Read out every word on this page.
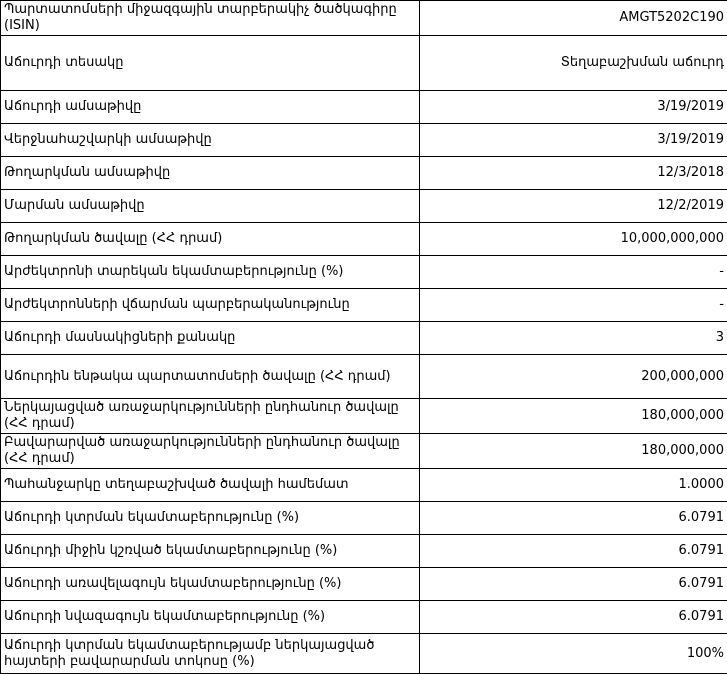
Պարտատոմսերի միջազգային տարբերակիչ ծածկագիրը (ISIN)	AMGT5202C190
Աճուրդի տեսակը	Տեղաբաշխման աճուրդ
Աճուրդի ամսաթիվը	3/19/2019
Վերջնահաշվարկի ամսաթիվը	3/19/2019
Թողարկման ամսաթիվը	12/3/2018
Մարման ամսաթիվը	12/2/2019
Թողարկման ծավալը (ՀՀ դրամ)	10,000,000,000
Արժեկտրոնի տարեկան եկամտաբերությունը (%)	-
Արժեկտրոնների վճարման պարբերականությունը	-
Աճուրդի մասնակիցների քանակը	3
Աճուրդին ենթակա պարտատոմսերի ծավալը (ՀՀ դրամ)	200,000,000
Ներկայացված առաջարկությունների ընդհանուր ծավալը (ՀՀ դրամ)	180,000,000
Բավարարված առաջարկությունների ընդհանուր ծավալը (ՀՀ դրամ)	180,000,000
Պահանջարկը տեղաբաշխված ծավալի համեմատ	1.0000
Աճուրդի կտրման եկամտաբերությունը (%)	6.0791
Աճուրդի միջին կշռված եկամտաբերությունը (%)	6.0791
Աճուրդի առավելագույն եկամտաբերությունը (%)	6.0791
Աճուրդի նվազագույն եկամտաբերությունը (%)	6.0791
Աճուրդի կտրման եկամտաբերությամբ ներկայացված հայտերի բավարարման տոկոսը (%)	100%
